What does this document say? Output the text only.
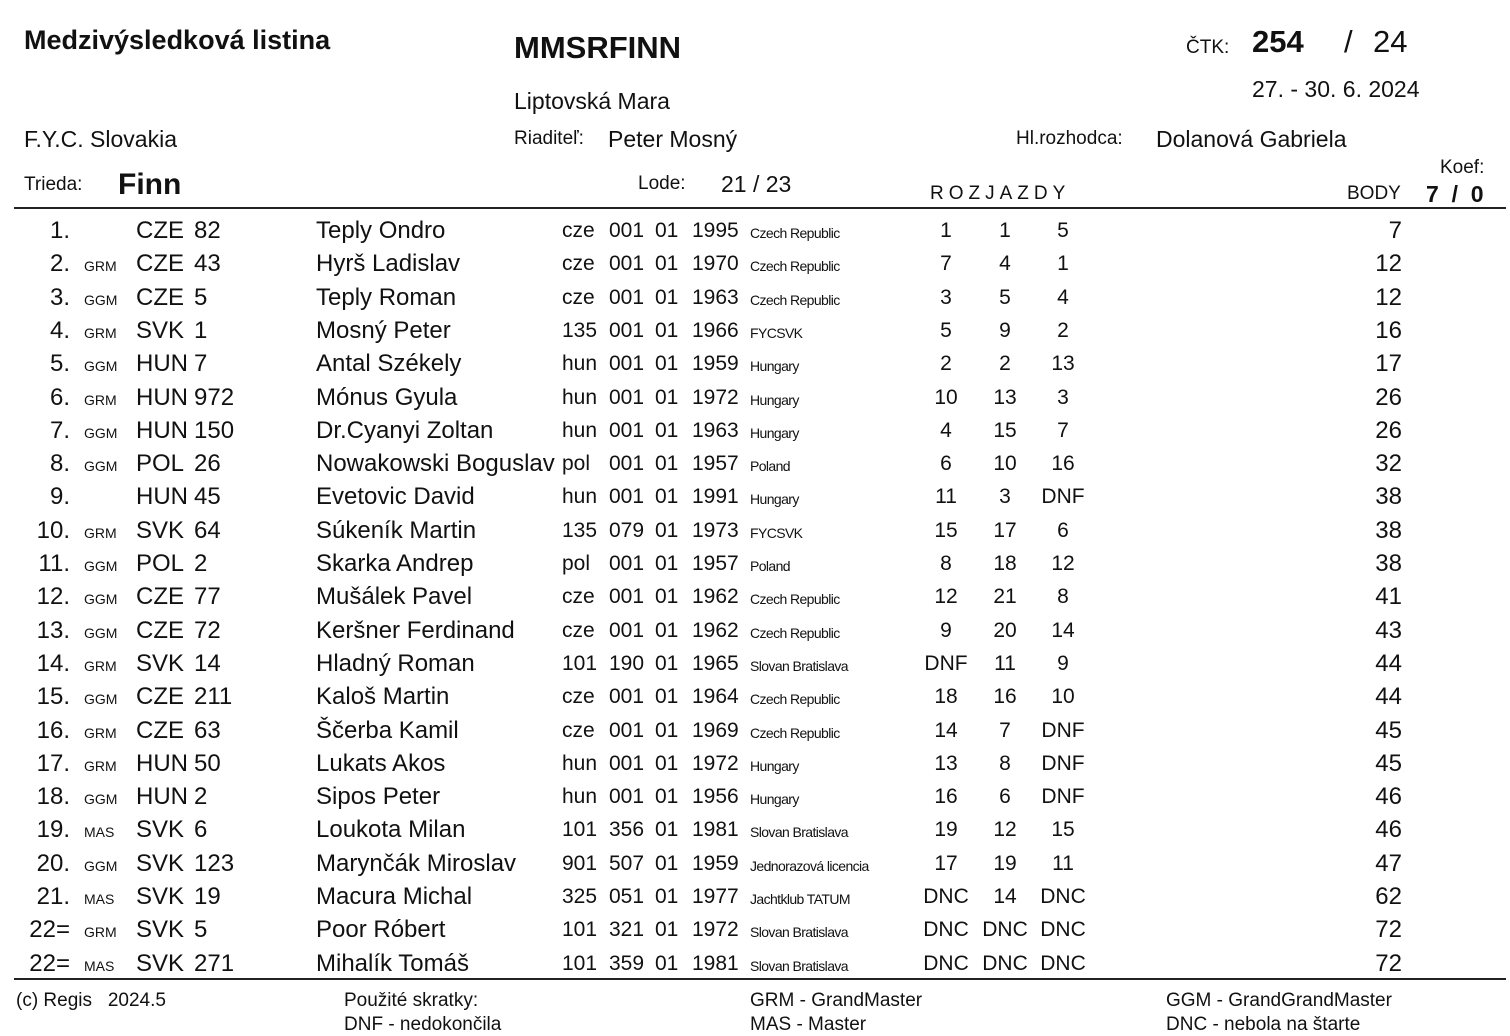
Medzivýsledková listina	MMSRFINN	ČTK: 254 / 24
27. - 30. 6. 2024
Liptovská Mara
F.Y.C. Slovakia	Riaditeľ: Peter Mosný	Hl.rozhodca: Dolanová Gabriela
Trieda: Finn	Lode: 21 / 23	ROZJAZDY
Koef:
BODY 7  /  0
1.	CZE 82	Teply Ondro	cze 001 01 1995 Czech Republic	1	1	5	7
2. GRM CZE 43	Hyrš Ladislav	cze 001 01 1970 Czech Republic	7	4	1	12
3. GGM CZE 5	Teply Roman	cze 001 01 1963 Czech Republic	3	5	4	12
4. GRM SVK 1	Mosný Peter	135 001 01 1966 FYCSVK	5	9	2	16
5. GGM HUN 7	Antal Székely	hun 001 01 1959 Hungary	2	2	13	17
6. GRM HUN 972	Mónus Gyula	hun 001 01 1972 Hungary	10	13	3	26
7. GGM HUN 150	Dr.Cyanyi Zoltan	hun 001 01 1963 Hungary	4	15	7	26
8. GGM POL 26	Nowakowski Boguslav pol 001 01 1957 Poland	6	10	16	32
9.	HUN 45	Evetovic David	hun 001 01 1991 Hungary	11	3	DNF	38
10. GRM SVK 64	Súkeník Martin	135 079 01 1973 FYCSVK	15	17	6	38
11. GGM POL 2	Skarka Andrep	pol 001 01 1957 Poland	8	18	12	38
12. GGM CZE 77	Mušálek Pavel	cze 001 01 1962 Czech Republic	12	21	8	41
13. GGM CZE 72	Keršner Ferdinand cze 001 01 1962 Czech Republic	9	20	14	43
14. GRM SVK 14	Hladný Roman	101 190 01 1965 Slovan Bratislava	DNF	11	9	44
15. GGM CZE 211	Kaloš Martin	cze 001 01 1964 Czech Republic	18	16	10	44
16. GRM CZE 63	Ščerba Kamil	cze 001 01 1969 Czech Republic	14	7	DNF	45
17. GRM HUN 50	Lukats Akos	hun 001 01 1972 Hungary	13	8	DNF	45
18. GGM HUN 2	Sipos Peter	hun 001 01 1956 Hungary	16	6	DNF	46
19. MAS SVK 6	Loukota Milan	101 356 01 1981 Slovan Bratislava	19	12	15	46
20. GGM SVK 123	Marynčák Miroslav 901 507 01 1959 Jednorazová licencia	17	19	11	47
21. MAS SVK 19	Macura Michal	325 051 01 1977 Jachtklub TATUM	DNC	14	DNC	62
22= GRM SVK 5	Poor Róbert	101 321 01 1972 Slovan Bratislava	DNC DNC DNC	72
22= MAS SVK 271	Mihalík Tomáš	101 359 01 1981 Slovan Bratislava	DNC DNC DNC	72
(c) Regis   2024.5	Použité skratky:
DNF - nedokončila
GRM - GrandMaster
MAS - Master
GGM - GrandGrandMaster
DNC - nebola na štarte
